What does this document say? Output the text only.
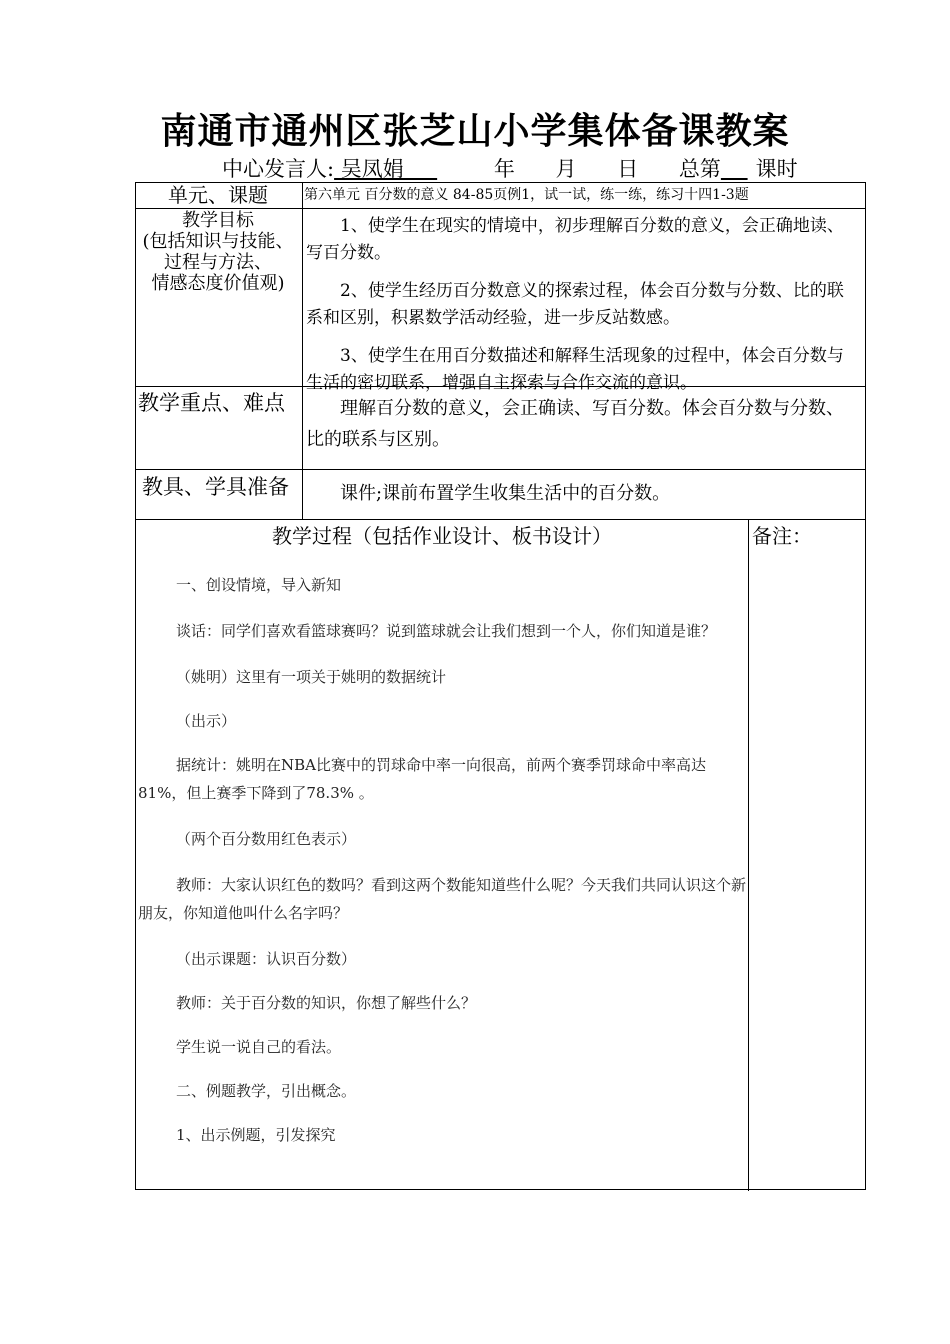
南通市通州区张芝山小学集体备课教案
中心发言人: 吴凤娟	年 月 日 总第 课时
单元、课题	第六单元 百分数的意义 84-85页例1，试一试，练一练，练习十四1-3题
教学目标
(包括知识与技能、
过程与方法、
情感态度价值观)

1、使学生在现实的情境中，初步理解百分数的意义，会正确地读、写百分数。

2、使学生经历百分数意义的探索过程，体会百分数与分数、比的联系和区别，积累数学活动经验，进一步反站数感。

3、使学生在用百分数描述和解释生活现象的过程中，体会百分数与生活的密切联系，增强自主探索与合作交流的意识。

教学重点、难点	理解百分数的意义，会正确读、写百分数。体会百分数与分数、比的联系与区别。
教具、学具准备	课件;课前布置学生收集生活中的百分数。
教学过程（包括作业设计、板书设计）	备注：

一、创设情境，导入新知

谈话：同学们喜欢看篮球赛吗？说到篮球就会让我们想到一个人，你们知道是谁？

（姚明）这里有一项关于姚明的数据统计

（出示）

据统计：姚明在NBA比赛中的罚球命中率一向很高，前两个赛季罚球命中率高达81%，但上赛季下降到了78.3% 。

（两个百分数用红色表示）

教师：大家认识红色的数吗？看到这两个数能知道些什么呢？今天我们共同认识这个新朋友，你知道他叫什么名字吗？

（出示课题：认识百分数）

教师：关于百分数的知识，你想了解些什么？

学生说一说自己的看法。

二、例题教学，引出概念。

1、出示例题，引发探究
